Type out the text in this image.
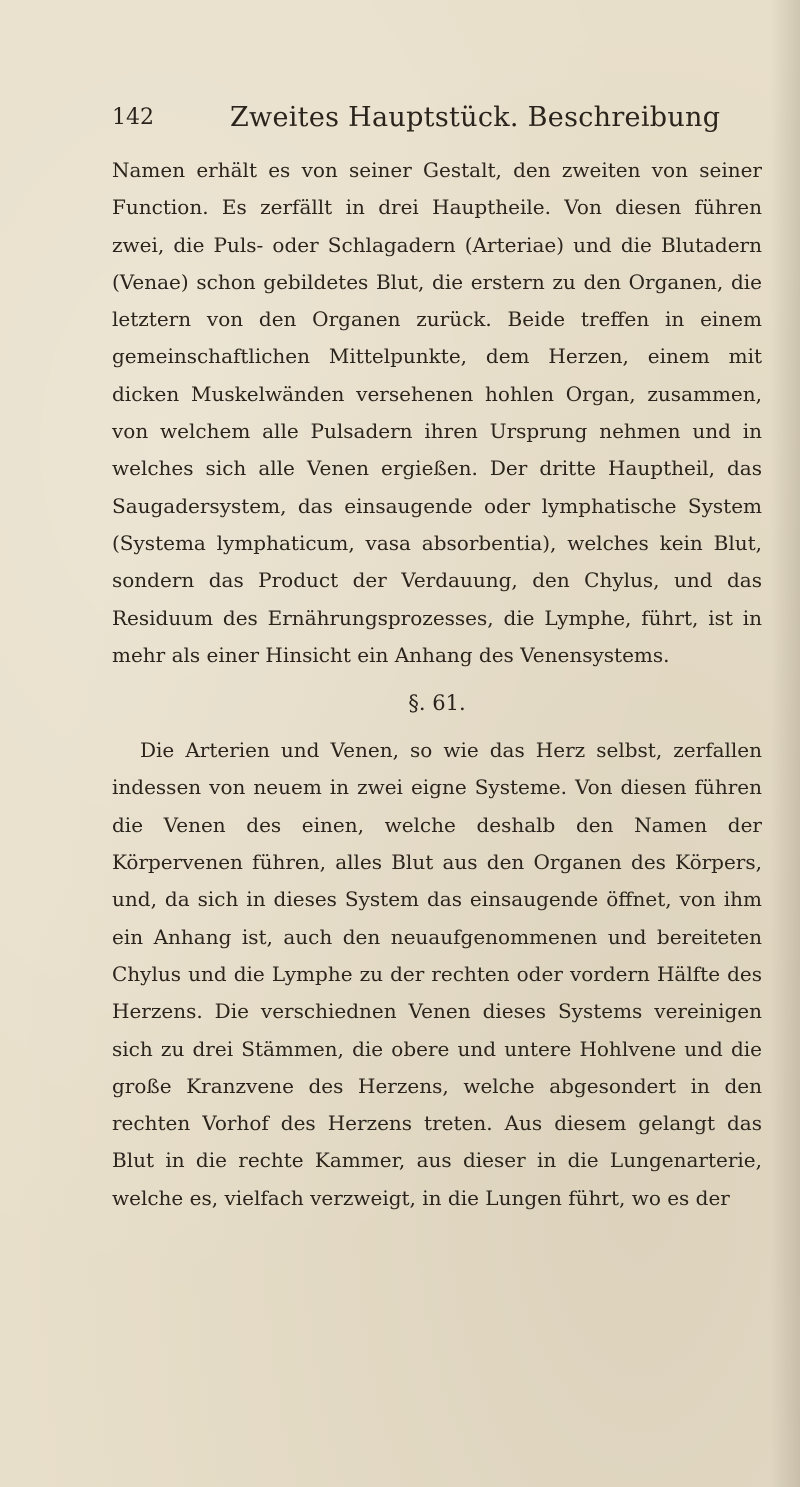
142	Zweites Hauptstück. Beschreibung

Namen erhält es von seiner Gestalt, den zweiten von seiner Function. Es zerfällt in drei Hauptheile. Von diesen führen zwei, die Puls- oder Schlagadern (Arteriae) und die Blutadern (Venae) schon gebildetes Blut, die erstern zu den Organen, die letztern von den Organen zurück. Beide treffen in einem gemeinschaftlichen Mittelpunkte, dem Herzen, einem mit dicken Muskelwänden versehenen hohlen Organ, zusammen, von welchem alle Pulsadern ihren Ursprung nehmen und in welches sich alle Venen ergießen. Der dritte Hauptheil, das Saugadersystem, das einsaugende oder lymphatische System (Systema lymphaticum, vasa absorbentia), welches kein Blut, sondern das Product der Verdauung, den Chylus, und das Residuum des Ernährungsprozesses, die Lymphe, führt, ist in mehr als einer Hinsicht ein Anhang des Venensystems.

§. 61.

Die Arterien und Venen, so wie das Herz selbst, zerfallen indessen von neuem in zwei eigne Systeme. Von diesen führen die Venen des einen, welche deshalb den Namen der Körpervenen führen, alles Blut aus den Organen des Körpers, und, da sich in dieses System das einsaugende öffnet, von ihm ein Anhang ist, auch den neuaufgenommenen und bereiteten Chylus und die Lymphe zu der rechten oder vordern Hälfte des Herzens. Die verschiednen Venen dieses Systems vereinigen sich zu drei Stämmen, die obere und untere Hohlvene und die große Kranzvene des Herzens, welche abgesondert in den rechten Vorhof des Herzens treten. Aus diesem gelangt das Blut in die rechte Kammer, aus dieser in die Lungenarterie, welche es, vielfach verzweigt, in die Lungen führt, wo es der
